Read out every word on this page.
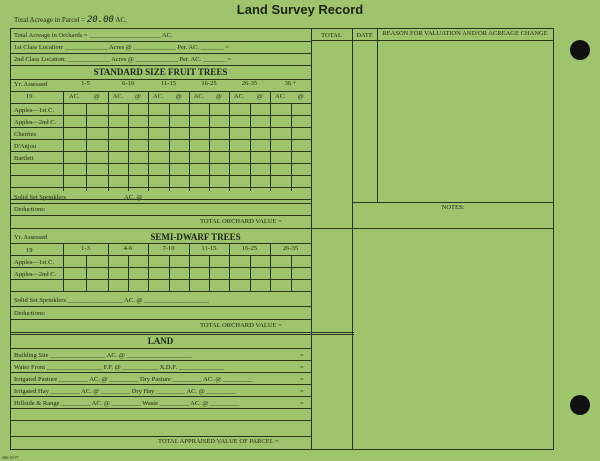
Land Survey Record
Total Acreage in Parcel = 20.00 AC.
TOTAL	DATE	REASON FOR VALUATION AND/OR ACREAGE CHANGE
Total Acreage in Orchards = ______________________ AC.
1st Class Location: _____________ Acres @ _____________ Per. AC. _______ =
2nd Class Location: _____________ Acres @ _____________ Per. AC. _______ =
STANDARD SIZE FRUIT TREES
Yr. Assessed	1-5	6-10	11-15	16-25	26-35	36 +
19	AC.	@	AC.	@	AC.	@	AC.	@	AC.	@	AC.	@
Apples—1st C.
Apples—2nd C.
Cherries
D'Anjou
Bartlett
Solid Set Sprinklers _________________ AC. @ ____________________
Deductions:
TOTAL ORCHARD VALUE =
NOTES:
Yr. Assessed	SEMI-DWARF TREES
19	1-3	4-6	7-10	11-15	16-25	26-35
Apples—1st C.
Apples—2nd C.
Solid Set Sprinklers _________________ AC. @ ____________________
Deductions:
TOTAL ORCHARD VALUE =
LAND
Building Site _________________ AC. @ ____________________	=
Water Front _________________ F.F. @ ___________ X.D.F. ______________	=
Irrigated Pasture _________ AC. @ _________ Dry Pasture _________ AC. @ _________	=
Irrigated Hay _________ AC. @ _________ Dry Hay _________ AC. @ _________	=
Hillside & Range _________ AC. @ _________ Waste _________ AC. @ _________	=
TOTAL APPRAISED VALUE OF PARCEL =
306-10-77
